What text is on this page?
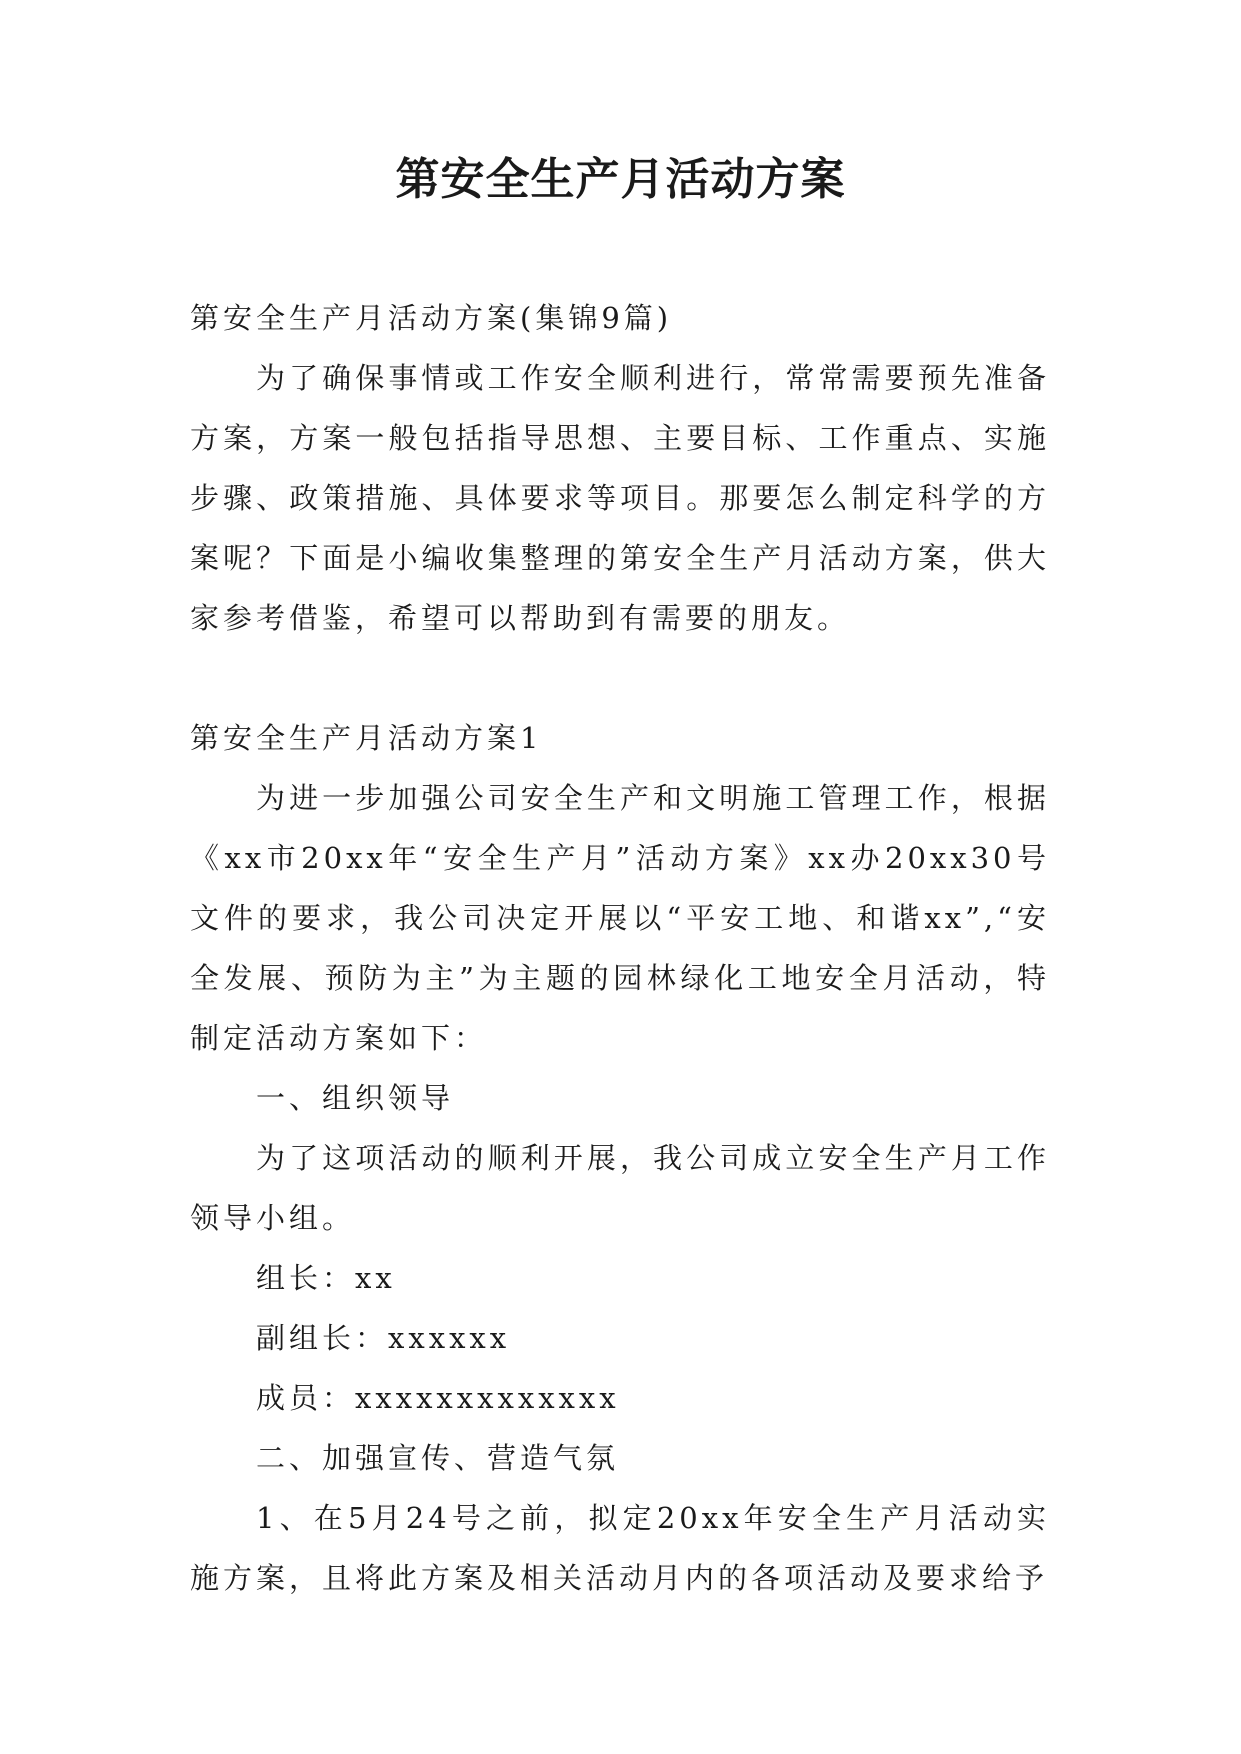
第安全生产月活动方案

第安全生产月活动方案(集锦9篇)

为了确保事情或工作安全顺利进行，常常需要预先准备方案，方案一般包括指导思想、主要目标、工作重点、实施步骤、政策措施、具体要求等项目。那要怎么制定科学的方案呢？下面是小编收集整理的第安全生产月活动方案，供大家参考借鉴，希望可以帮助到有需要的朋友。

第安全生产月活动方案1

为进一步加强公司安全生产和文明施工管理工作，根据《xx市20xx年“安全生产月”活动方案》xx办20xx30号文件的要求，我公司决定开展以“平安工地、和谐xx”,“安全发展、预防为主”为主题的园林绿化工地安全月活动，特制定活动方案如下：

一、组织领导

为了这项活动的顺利开展，我公司成立安全生产月工作领导小组。

组长：xx

副组长：xxxxxx

成员：xxxxxxxxxxxxx

二、加强宣传、营造气氛

1、在5月24号之前，拟定20xx年安全生产月活动实施方案，且将此方案及相关活动月内的各项活动及要求给予
